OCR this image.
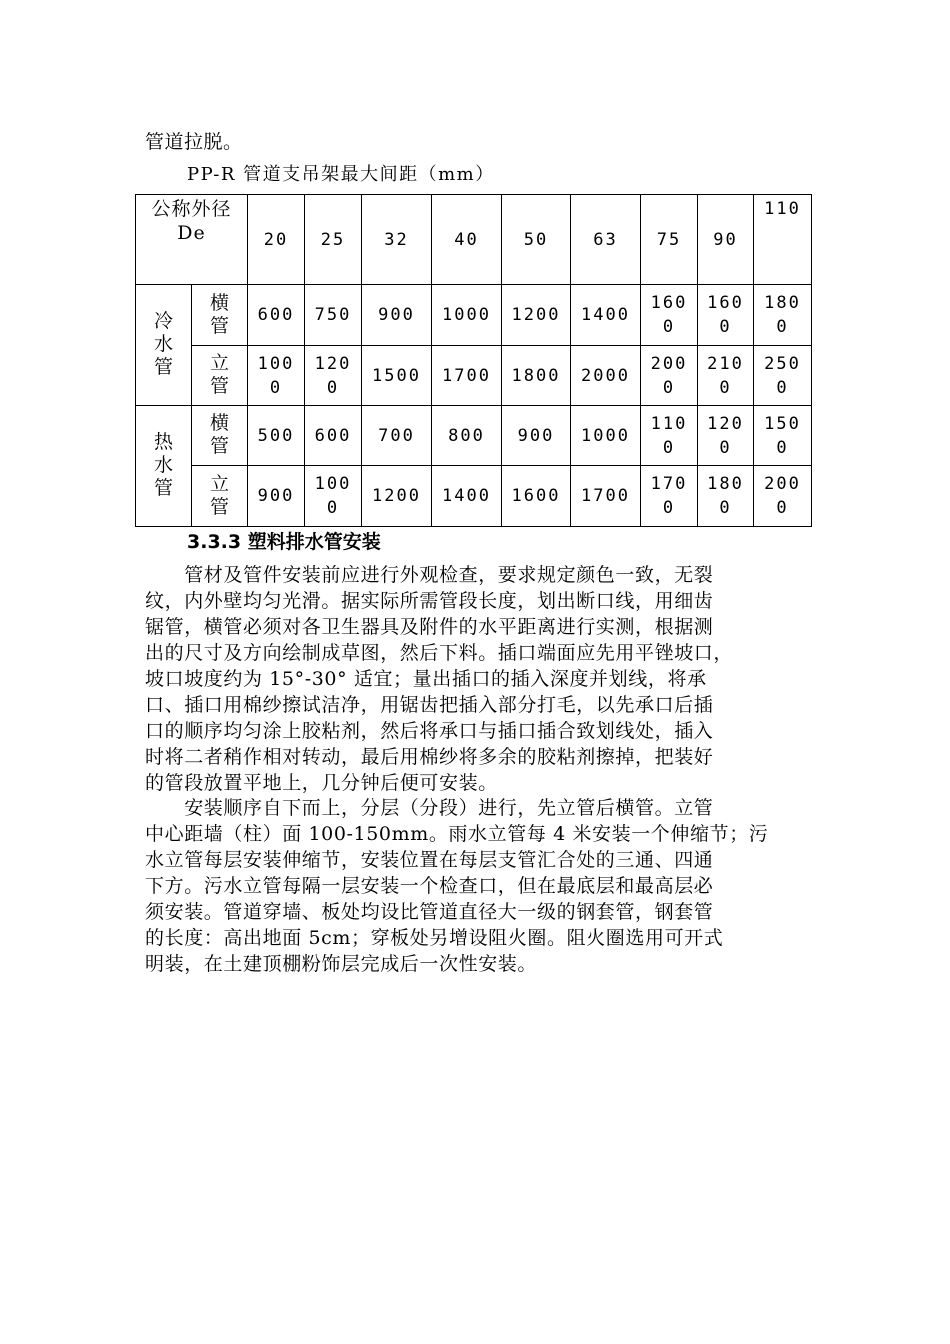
管道拉脱。
PP-R 管道支吊架最大间距（mm）
公称外径 De		20	25	32	40	50	63	75	90	110
冷水管	横管	600	750	900	1000	1200	1400	1600	1600	1800
	立管	1000	1200	1500	1700	1800	2000	2000	2100	2500
热水管	横管	500	600	700	800	900	1000	1100	1200	1500
	立管	900	1000	1200	1400	1600	1700	1700	1800	2000
3.3.3 塑料排水管安装

　　管材及管件安装前应进行外观检查，要求规定颜色一致，无裂

纹，内外壁均匀光滑。据实际所需管段长度，划出断口线，用细齿

锯管，横管必须对各卫生器具及附件的水平距离进行实测，根据测

出的尺寸及方向绘制成草图，然后下料。插口端面应先用平锉坡口，

坡口坡度约为 15°-30° 适宜；量出插口的插入深度并划线，将承

口、插口用棉纱擦试洁净，用锯齿把插入部分打毛，以先承口后插

口的顺序均匀涂上胶粘剂，然后将承口与插口插合致划线处，插入

时将二者稍作相对转动，最后用棉纱将多余的胶粘剂擦掉，把装好

的管段放置平地上，几分钟后便可安装。

　　安装顺序自下而上，分层（分段）进行，先立管后横管。立管

中心距墙（柱）面 100-150mm。雨水立管每 4 米安装一个伸缩节；污

水立管每层安装伸缩节，安装位置在每层支管汇合处的三通、四通

下方。污水立管每隔一层安装一个检查口，但在最底层和最高层必

须安装。管道穿墙、板处均设比管道直径大一级的钢套管，钢套管

的长度：高出地面 5cm；穿板处另增设阻火圈。阻火圈选用可开式

明装，在土建顶棚粉饰层完成后一次性安装。
